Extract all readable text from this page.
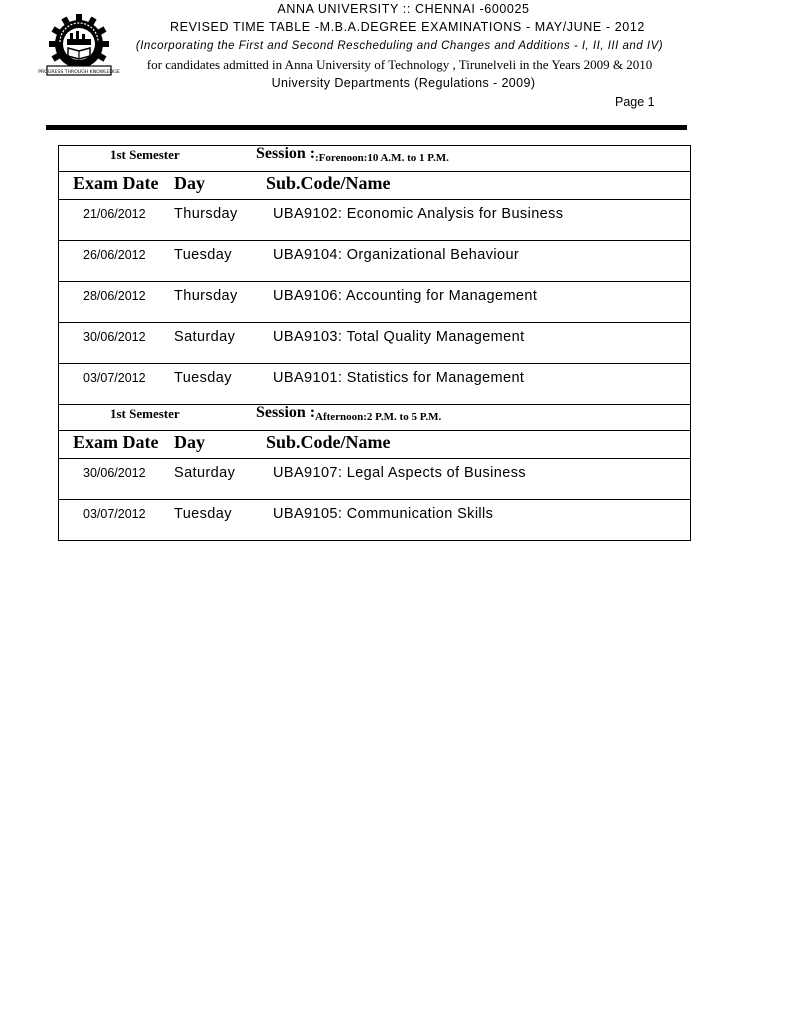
PROGRESS THROUGH KNOWLEDGE
ANNA UNIVERSITY :: CHENNAI -600025
REVISED TIME TABLE -M.B.A.DEGREE EXAMINATIONS - MAY/JUNE - 2012
(Incorporating the First and Second Rescheduling and Changes and Additions - I, II, III and IV)
for candidates admitted in Anna University of Technology , Tirunelveli in the Years 2009 & 2010
University Departments (Regulations - 2009)
Page 1
1st Semester	Session : :Forenoon:10 A.M. to 1 P.M.
Exam Date Day	Sub.Code/Name
21/06/2012 Thursday UBA9102: Economic Analysis for Business
26/06/2012 Tuesday	UBA9104: Organizational Behaviour
28/06/2012 Thursday UBA9106: Accounting for Management
30/06/2012 Saturday	UBA9103: Total Quality Management
03/07/2012 Tuesday	UBA9101: Statistics for Management
1st Semester	Session : Afternoon:2 P.M. to 5 P.M.
Exam Date Day	Sub.Code/Name
30/06/2012 Saturday	UBA9107: Legal Aspects of Business
03/07/2012 Tuesday	UBA9105: Communication Skills
